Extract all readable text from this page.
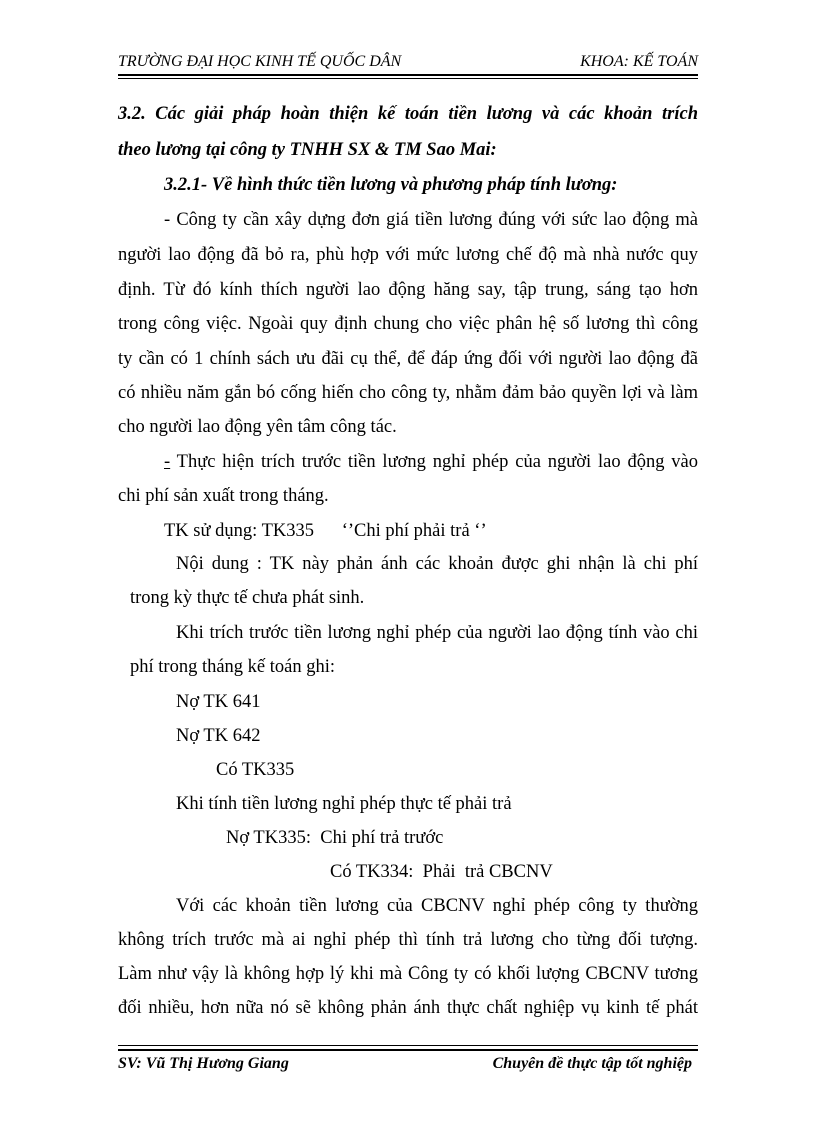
TRƯỜNG ĐẠI HỌC KINH TẾ QUỐC DÂN	KHOA: KẾ TOÁN
3.2. Các giải pháp hoàn thiện kế toán tiền lương và các khoản trích
theo lương tại công ty TNHH SX & TM Sao Mai:
3.2.1- Về hình thức tiền lương và phương pháp tính lương:
- Công ty cần xây dựng đơn giá tiền lương đúng với sức lao động mà
người lao động đã bỏ ra, phù hợp với mức lương chế độ mà nhà nước quy
định. Từ đó kính thích người lao động hăng say, tập trung, sáng tạo hơn
trong công việc. Ngoài quy định chung cho việc phân hệ số lương thì công
ty cần có 1 chính sách ưu đãi cụ thể, để đáp ứng đối với người lao động đã
có nhiều năm gắn bó cống hiến cho công ty, nhằm đảm bảo quyền lợi và làm
cho người lao động yên tâm công tác.
- Thực hiện trích trước tiền lương nghỉ phép của người lao động vào
chi phí sản xuất trong tháng.
TK sử dụng: TK335      ‘’Chi phí phải trả ‘’
Nội dung : TK này phản ánh các khoản được ghi nhận là chi phí
trong kỳ thực tế chưa phát sinh.
Khi trích trước tiền lương nghỉ phép của người lao động tính vào chi
phí trong tháng kế toán ghi:
Nợ TK 641
Nợ TK 642
Có TK335
Khi tính tiền lương nghỉ phép thực tế phải trả
Nợ TK335:  Chi phí trả trước
Có TK334:  Phải  trả CBCNV
Với các khoản tiền lương của CBCNV nghỉ phép công ty thường
không trích trước mà ai nghỉ phép thì tính trả lương cho từng đối tượng.
Làm như vậy là không hợp lý khi mà Công ty có khối lượng CBCNV tương
đối nhiều, hơn nữa nó sẽ không phản ánh thực chất nghiệp vụ kinh tế phát
SV: Vũ Thị Hương Giang	Chuyên đề thực tập tốt nghiệp
